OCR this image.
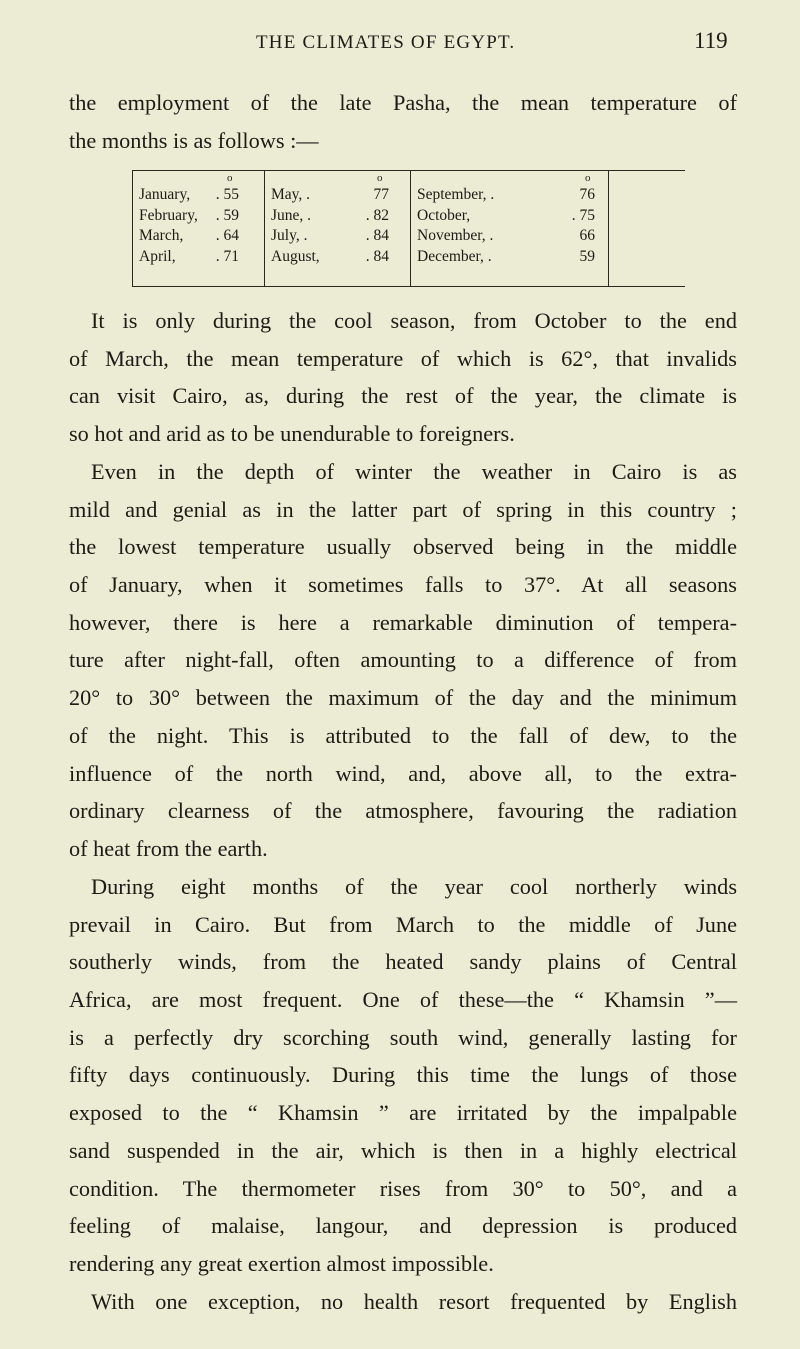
THE CLIMATES OF EGYPT.	119
the employment of the late Pasha, the mean temperature of
the months is as follows :—
o
January,	. 55
February,	. 59
March,	. 64
April,	. 71
o
May, .	77
June, .	. 82
July, .	. 84
August,	. 84
o
September, .	76
October,	. 75
November, .	66
December, .	59
It is only during the cool season, from October to the end
of March, the mean temperature of which is 62°, that invalids
can visit Cairo, as, during the rest of the year, the climate is
so hot and arid as to be unendurable to foreigners.
Even in the depth of winter the weather in Cairo is as
mild and genial as in the latter part of spring in this country ;
the lowest temperature usually observed being in the middle
of January, when it sometimes falls to 37°. At all seasons
however, there is here a remarkable diminution of tempera-
ture after night-fall, often amounting to a difference of from
20° to 30° between the maximum of the day and the minimum
of the night. This is attributed to the fall of dew, to the
influence of the north wind, and, above all, to the extra-
ordinary clearness of the atmosphere, favouring the radiation
of heat from the earth.
During eight months of the year cool northerly winds
prevail in Cairo. But from March to the middle of June
southerly winds, from the heated sandy plains of Central
Africa, are most frequent. One of these—the “ Khamsin ”—
is a perfectly dry scorching south wind, generally lasting for
fifty days continuously. During this time the lungs of those
exposed to the “ Khamsin ” are irritated by the impalpable
sand suspended in the air, which is then in a highly electrical
condition. The thermometer rises from 30° to 50°, and a
feeling of malaise, langour, and depression is produced
rendering any great exertion almost impossible.
With one exception, no health resort frequented by English
